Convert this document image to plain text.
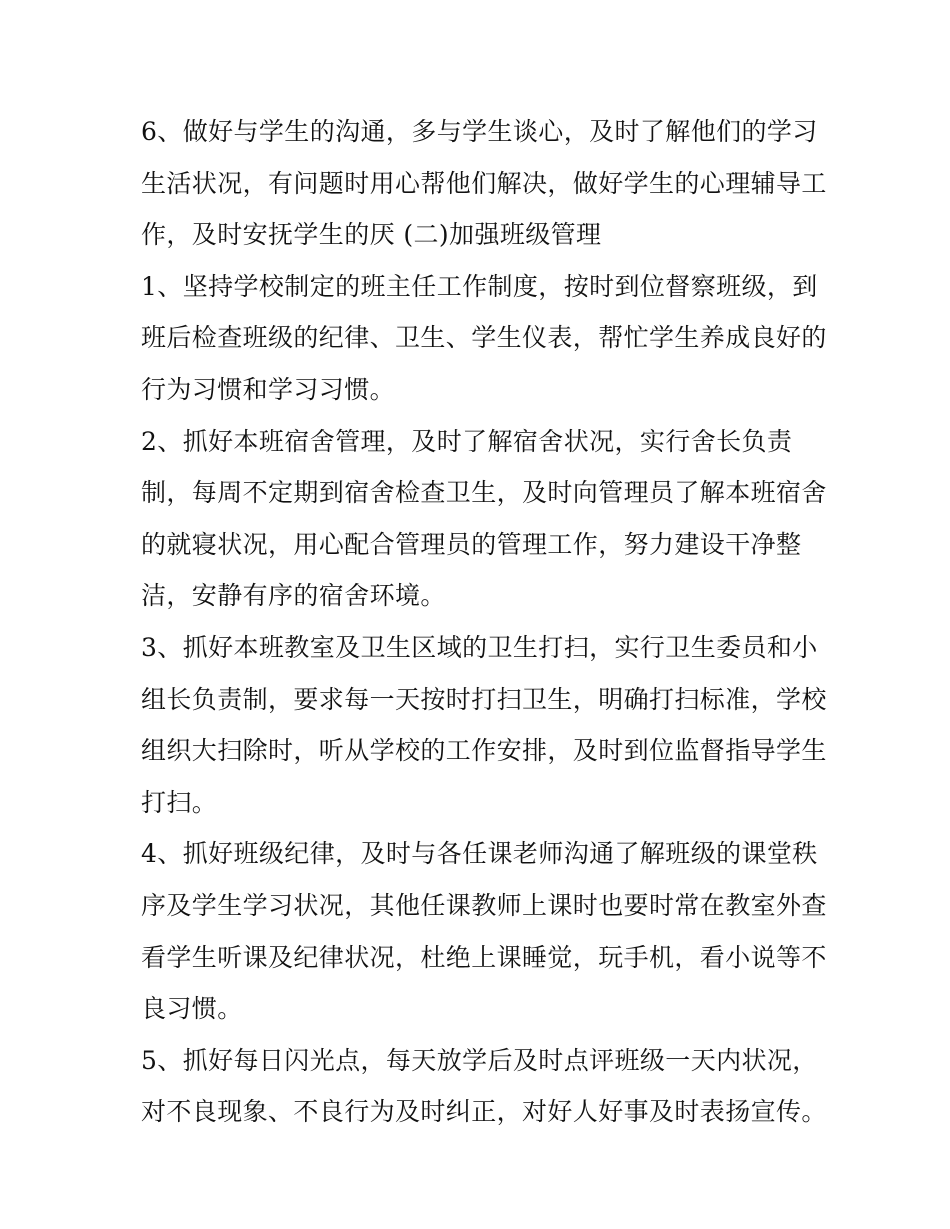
6、做好与学生的沟通，多与学生谈心，及时了解他们的学习
生活状况，有问题时用心帮他们解决，做好学生的心理辅导工
作，及时安抚学生的厌 (二)加强班级管理
1、坚持学校制定的班主任工作制度，按时到位督察班级，到
班后检查班级的纪律、卫生、学生仪表，帮忙学生养成良好的
行为习惯和学习习惯。
2、抓好本班宿舍管理，及时了解宿舍状况，实行舍长负责
制，每周不定期到宿舍检查卫生，及时向管理员了解本班宿舍
的就寝状况，用心配合管理员的管理工作，努力建设干净整
洁，安静有序的宿舍环境。
3、抓好本班教室及卫生区域的卫生打扫，实行卫生委员和小
组长负责制，要求每一天按时打扫卫生，明确打扫标准，学校
组织大扫除时，听从学校的工作安排，及时到位监督指导学生
打扫。
4、抓好班级纪律，及时与各任课老师沟通了解班级的课堂秩
序及学生学习状况，其他任课教师上课时也要时常在教室外查
看学生听课及纪律状况，杜绝上课睡觉，玩手机，看小说等不
良习惯。
5、抓好每日闪光点，每天放学后及时点评班级一天内状况，
对不良现象、不良行为及时纠正，对好人好事及时表扬宣传。
